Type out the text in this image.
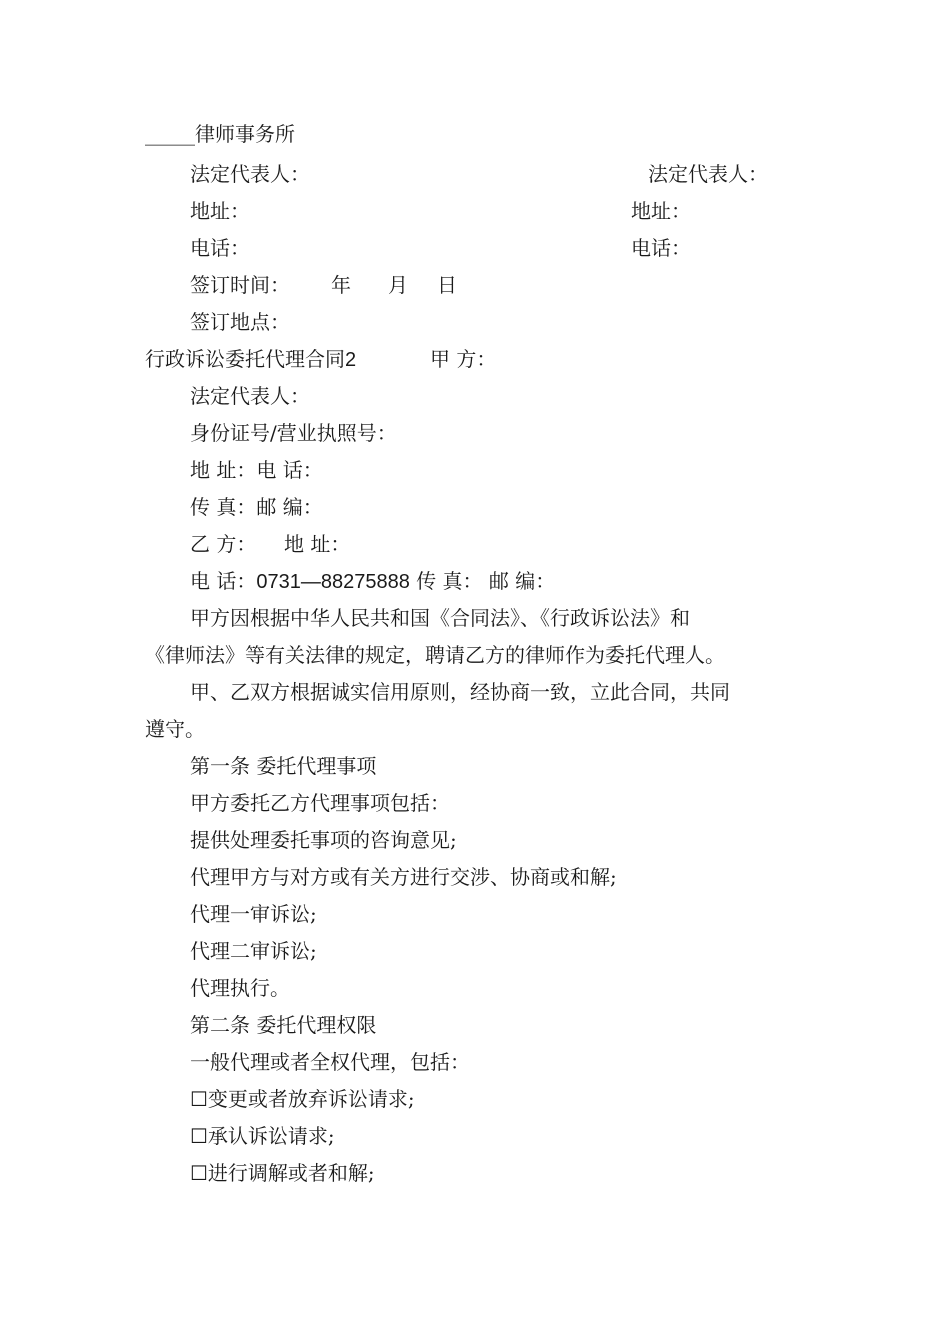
_____律师事务所
法定代表人：	法定代表人：
地址：	地址：
电话：	电话：
签订时间： 年 月 日
签订地点：
行政诉讼委托代理合同2	甲 方：
法定代表人：
身份证号/营业执照号：
地 址：电 话：
传 真：邮 编：
乙 方： 地 址：
电 话：0731—88275888 传 真： 邮 编：
甲方因根据中华人民共和国《合同法》、《行政诉讼法》和
《律师法》等有关法律的规定，聘请乙方的律师作为委托代理人。
甲、乙双方根据诚实信用原则，经协商一致，立此合同，共同
遵守。
第一条 委托代理事项
甲方委托乙方代理事项包括：
提供处理委托事项的咨询意见;
代理甲方与对方或有关方进行交涉、协商或和解;
代理一审诉讼;
代理二审诉讼;
代理执行。
第二条 委托代理权限
一般代理或者全权代理，包括：
☐变更或者放弃诉讼请求;
☐承认诉讼请求;
☐进行调解或者和解;
